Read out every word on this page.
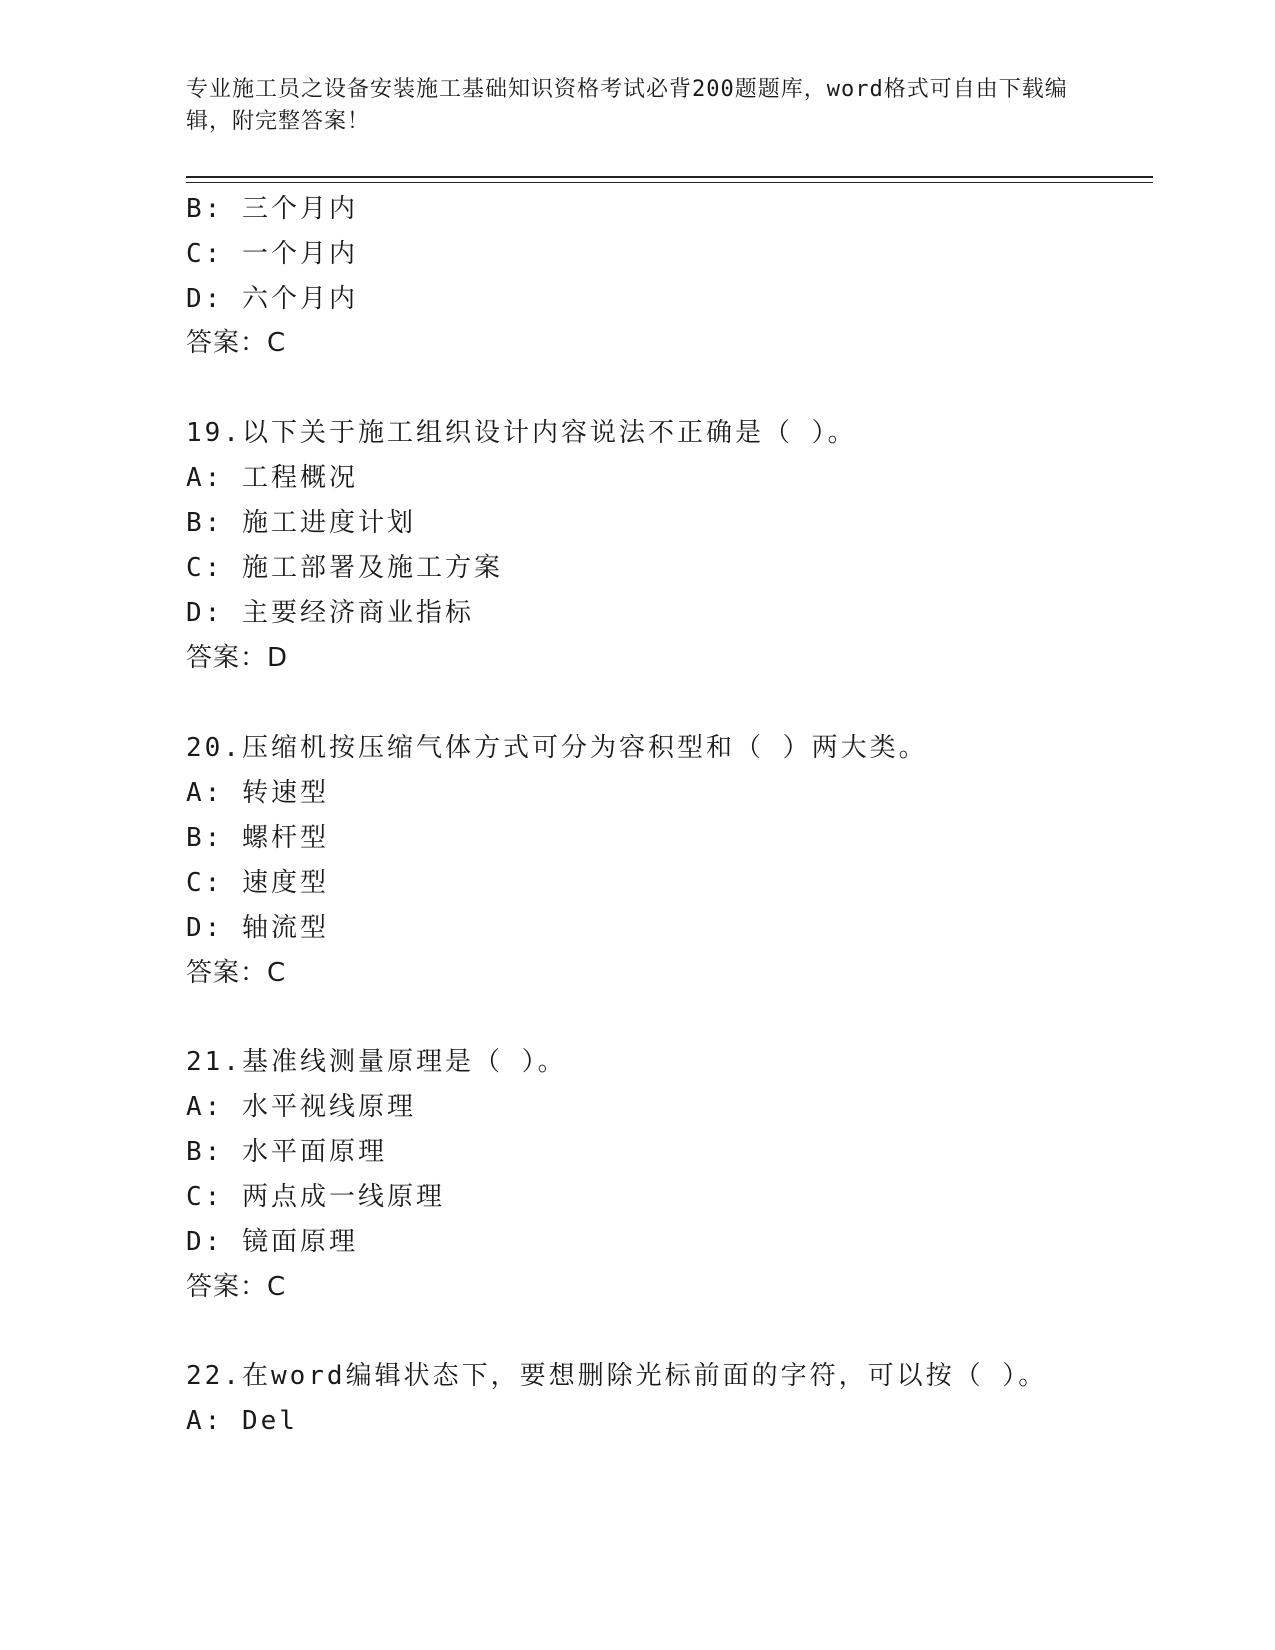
专业施工员之设备安装施工基础知识资格考试必背200题题库，word格式可自由下载编辑，附完整答案！
B: 三个月内
C: 一个月内
D: 六个月内
答案：C
19.以下关于施工组织设计内容说法不正确是（ ）。
A: 工程概况
B: 施工进度计划
C: 施工部署及施工方案
D: 主要经济商业指标
答案：D
20.压缩机按压缩气体方式可分为容积型和（ ）两大类。
A: 转速型
B: 螺杆型
C: 速度型
D: 轴流型
答案：C
21.基准线测量原理是（ ）。
A: 水平视线原理
B: 水平面原理
C: 两点成一线原理
D: 镜面原理
答案：C
22.在word编辑状态下，要想删除光标前面的字符，可以按（ ）。
A: Del
